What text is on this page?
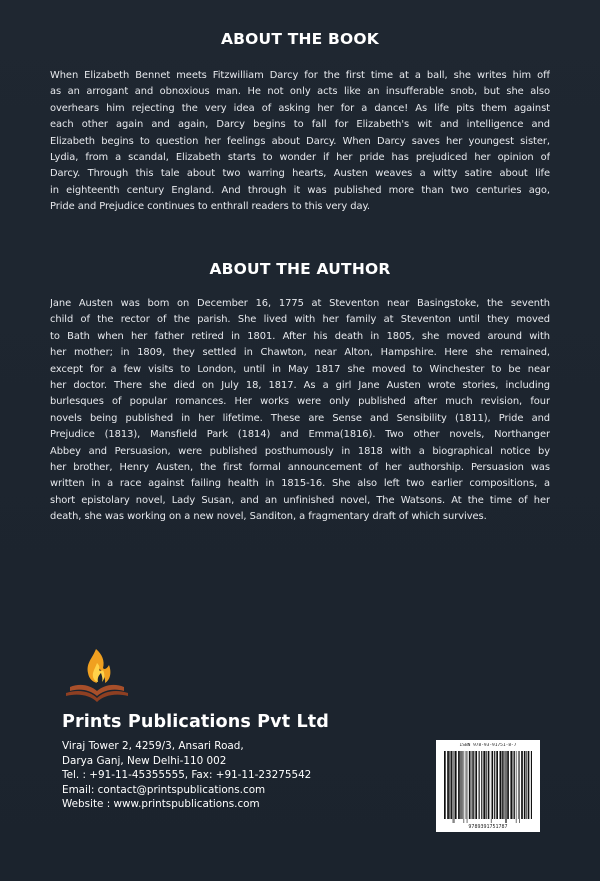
ABOUT THE BOOK
When Elizabeth Bennet meets Fitzwilliam Darcy for the first time at a ball, she writes him off
as an arrogant and obnoxious man. He not only acts like an insufferable snob, but she also
overhears him rejecting the very idea of asking her for a dance! As life pits them against
each other again and again, Darcy begins to fall for Elizabeth's wit and intelligence and
Elizabeth begins to question her feelings about Darcy. When Darcy saves her youngest sister,
Lydia, from a scandal, Elizabeth starts to wonder if her pride has prejudiced her opinion of
Darcy. Through this tale about two warring hearts, Austen weaves a witty satire about life
in eighteenth century England. And through it was published more than two centuries ago,
Pride and Prejudice continues to enthrall readers to this very day.
ABOUT THE AUTHOR
Jane Austen was bom on December 16, 1775 at Steventon near Basingstoke, the seventh
child of the rector of the parish. She lived with her family at Steventon until they moved
to Bath when her father retired in 1801. After his death in 1805, she moved around with
her mother; in 1809, they settled in Chawton, near Alton, Hampshire. Here she remained,
except for a few visits to London, until in May 1817 she moved to Winchester to be near
her doctor. There she died on July 18, 1817. As a girl Jane Austen wrote stories, including
burlesques of popular romances. Her works were only published after much revision, four
novels being published in her lifetime. These are Sense and Sensibility (1811), Pride and
Prejudice (1813), Mansfield Park (1814) and Emma(1816). Two other novels, Northanger
Abbey and Persuasion, were published posthumously in 1818 with a biographical notice by
her brother, Henry Austen, the first formal announcement of her authorship. Persuasion was
written in a race against failing health in 1815-16. She also left two earlier compositions, a
short epistolary novel, Lady Susan, and an unfinished novel, The Watsons. At the time of her
death, she was working on a new novel, Sanditon, a fragmentary draft of which survives.
Prints Publications Pvt Ltd
Viraj Tower 2, 4259/3, Ansari Road,
Darya Ganj, New Delhi-110 002
Tel. : +91-11-45355555, Fax: +91-11-23275542
Email: contact@printspublications.com
Website : www.printspublications.com
ISBN 978-93-91751-8-7
9789391751787
